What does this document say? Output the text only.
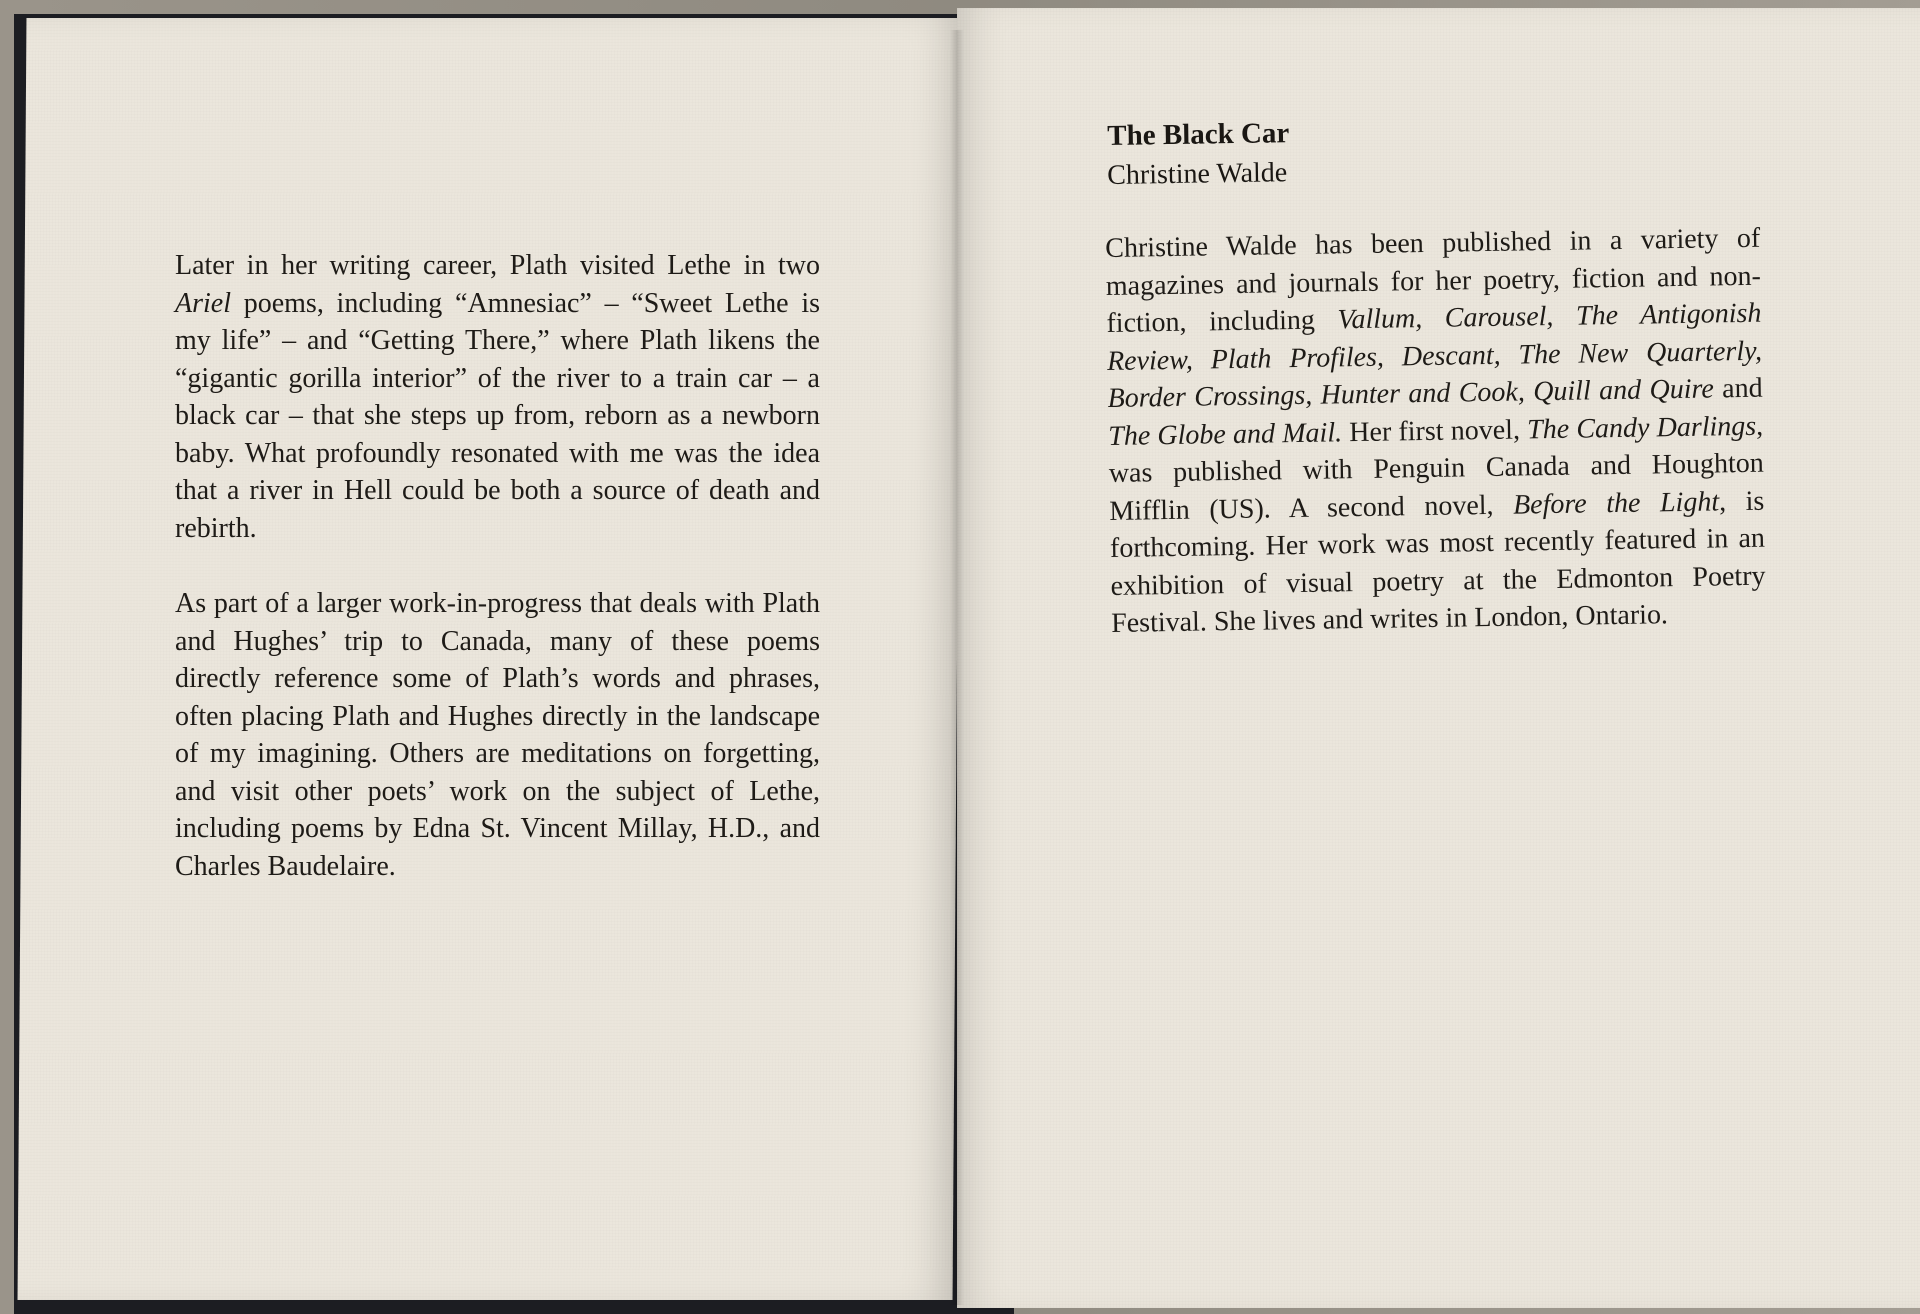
Later in her writing career, Plath visited Lethe in two Ariel poems, including “Amnesiac” – “Sweet Lethe is my life” – and “Getting There,” where Plath likens the “gigantic gorilla interior” of the river to a train car – a black car – that she steps up from, reborn as a newborn baby. What profoundly resonated with me was the idea that a river in Hell could be both a source of death and rebirth.

As part of a larger work-in-progress that deals with Plath and Hughes’ trip to Canada, many of these poems directly reference some of Plath’s words and phrases, often placing Plath and Hughes directly in the landscape of my imagining. Others are meditations on forgetting, and visit other poets’ work on the subject of Lethe, including poems by Edna St. Vincent Millay, H.D., and Charles Baudelaire.

The Black Car
Christine Walde
Christine Walde has been published in a variety of magazines and journals for her poetry, fiction and non-fiction, including Vallum, Carousel, The Antigonish Review, Plath Profiles, Descant, The New Quarterly, Border Crossings, Hunter and Cook, Quill and Quire and The Globe and Mail. Her first novel, The Candy Darlings, was published with Penguin Canada and Houghton Mifflin (US). A second novel, Before the Light, is forthcoming. Her work was most recently featured in an exhibition of visual poetry at the Edmonton Poetry Festival. She lives and writes in London, Ontario.
